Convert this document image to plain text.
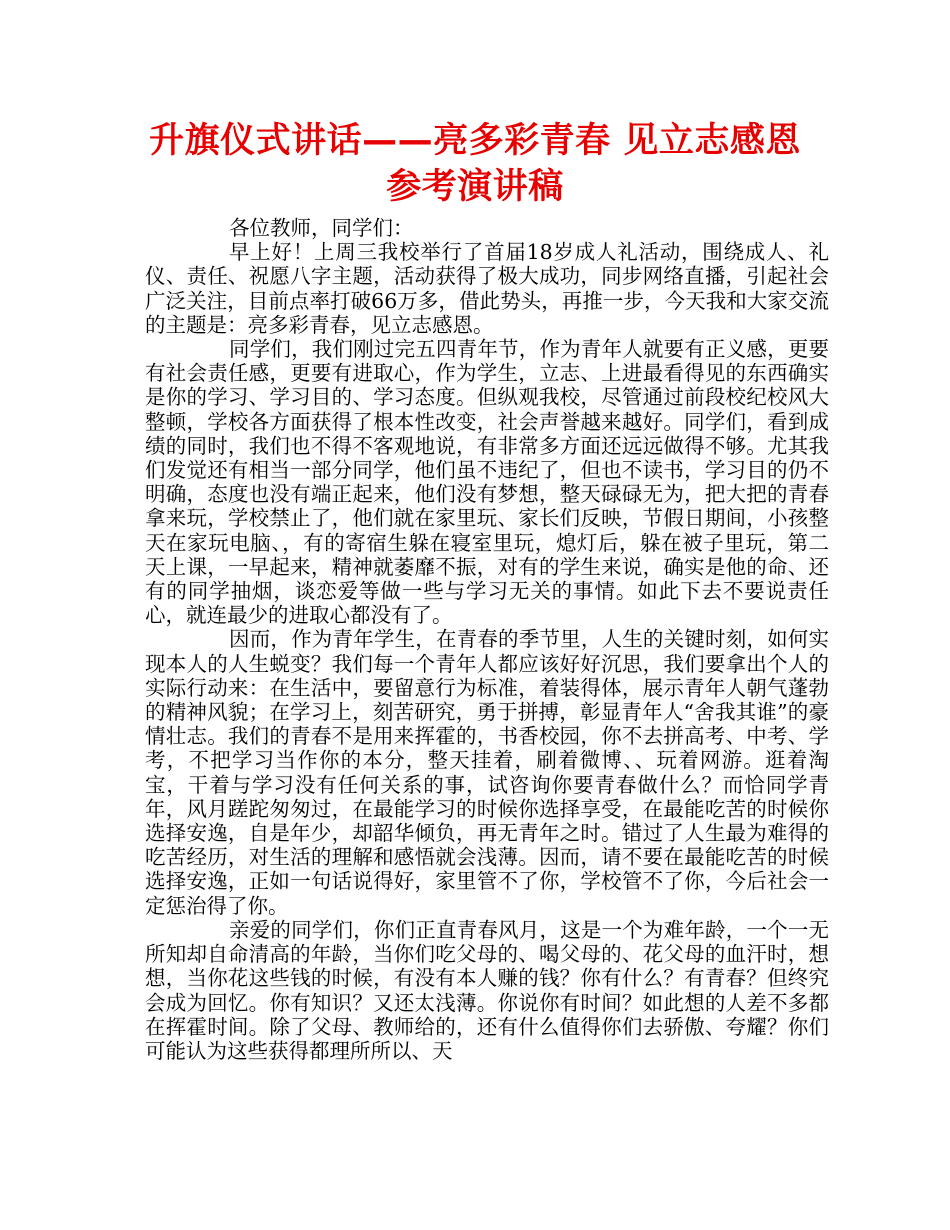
升旗仪式讲话——亮多彩青春 见立志感恩
参考演讲稿

各位教师，同学们：

早上好！上周三我校举行了首届18岁成人礼活动，围绕成人、礼仪、责任、祝愿八字主题，活动获得了极大成功，同步网络直播，引起社会广泛关注，目前点率打破66万多，借此势头，再推一步，今天我和大家交流的主题是：亮多彩青春，见立志感恩。

同学们，我们刚过完五四青年节，作为青年人就要有正义感，更要有社会责任感，更要有进取心，作为学生，立志、上进最看得见的东西确实是你的学习、学习目的、学习态度。但纵观我校，尽管通过前段校纪校风大整顿，学校各方面获得了根本性改变，社会声誉越来越好。同学们，看到成绩的同时，我们也不得不客观地说，有非常多方面还远远做得不够。尤其我们发觉还有相当一部分同学，他们虽不违纪了，但也不读书，学习目的仍不明确，态度也没有端正起来，他们没有梦想，整天碌碌无为，把大把的青春拿来玩，学校禁止了，他们就在家里玩、家长们反映，节假日期间，小孩整天在家玩电脑、，有的寄宿生躲在寝室里玩，熄灯后，躲在被子里玩，第二天上课，一早起来，精神就萎靡不振，对有的学生来说，确实是他的命、还有的同学抽烟，谈恋爱等做一些与学习无关的事情。如此下去不要说责任心，就连最少的进取心都没有了。

因而，作为青年学生，在青春的季节里，人生的关键时刻，如何实现本人的人生蜕变？我们每一个青年人都应该好好沉思，我们要拿出个人的实际行动来：在生活中，要留意行为标准，着装得体，展示青年人朝气蓬勃的精神风貌；在学习上，刻苦研究，勇于拼搏，彰显青年人“舍我其谁”的豪情壮志。我们的青春不是用来挥霍的，书香校园，你不去拼高考、中考、学考，不把学习当作你的本分，整天挂着，刷着微博、、玩着网游。逛着淘宝，干着与学习没有任何关系的事，试咨询你要青春做什么？而恰同学青年，风月蹉跎匆匆过，在最能学习的时候你选择享受，在最能吃苦的时候你选择安逸，自是年少，却韶华倾负，再无青年之时。错过了人生最为难得的吃苦经历，对生活的理解和感悟就会浅薄。因而，请不要在最能吃苦的时候选择安逸，正如一句话说得好，家里管不了你，学校管不了你，今后社会一定惩治得了你。

亲爱的同学们，你们正直青春风月，这是一个为难年龄，一个一无所知却自命清高的年龄，当你们吃父母的、喝父母的、花父母的血汗时，想想，当你花这些钱的时候，有没有本人赚的钱？你有什么？有青春？但终究会成为回忆。你有知识？又还太浅薄。你说你有时间？如此想的人差不多都在挥霍时间。除了父母、教师给的，还有什么值得你们去骄傲、夸耀？你们可能认为这些获得都理所所以、天
